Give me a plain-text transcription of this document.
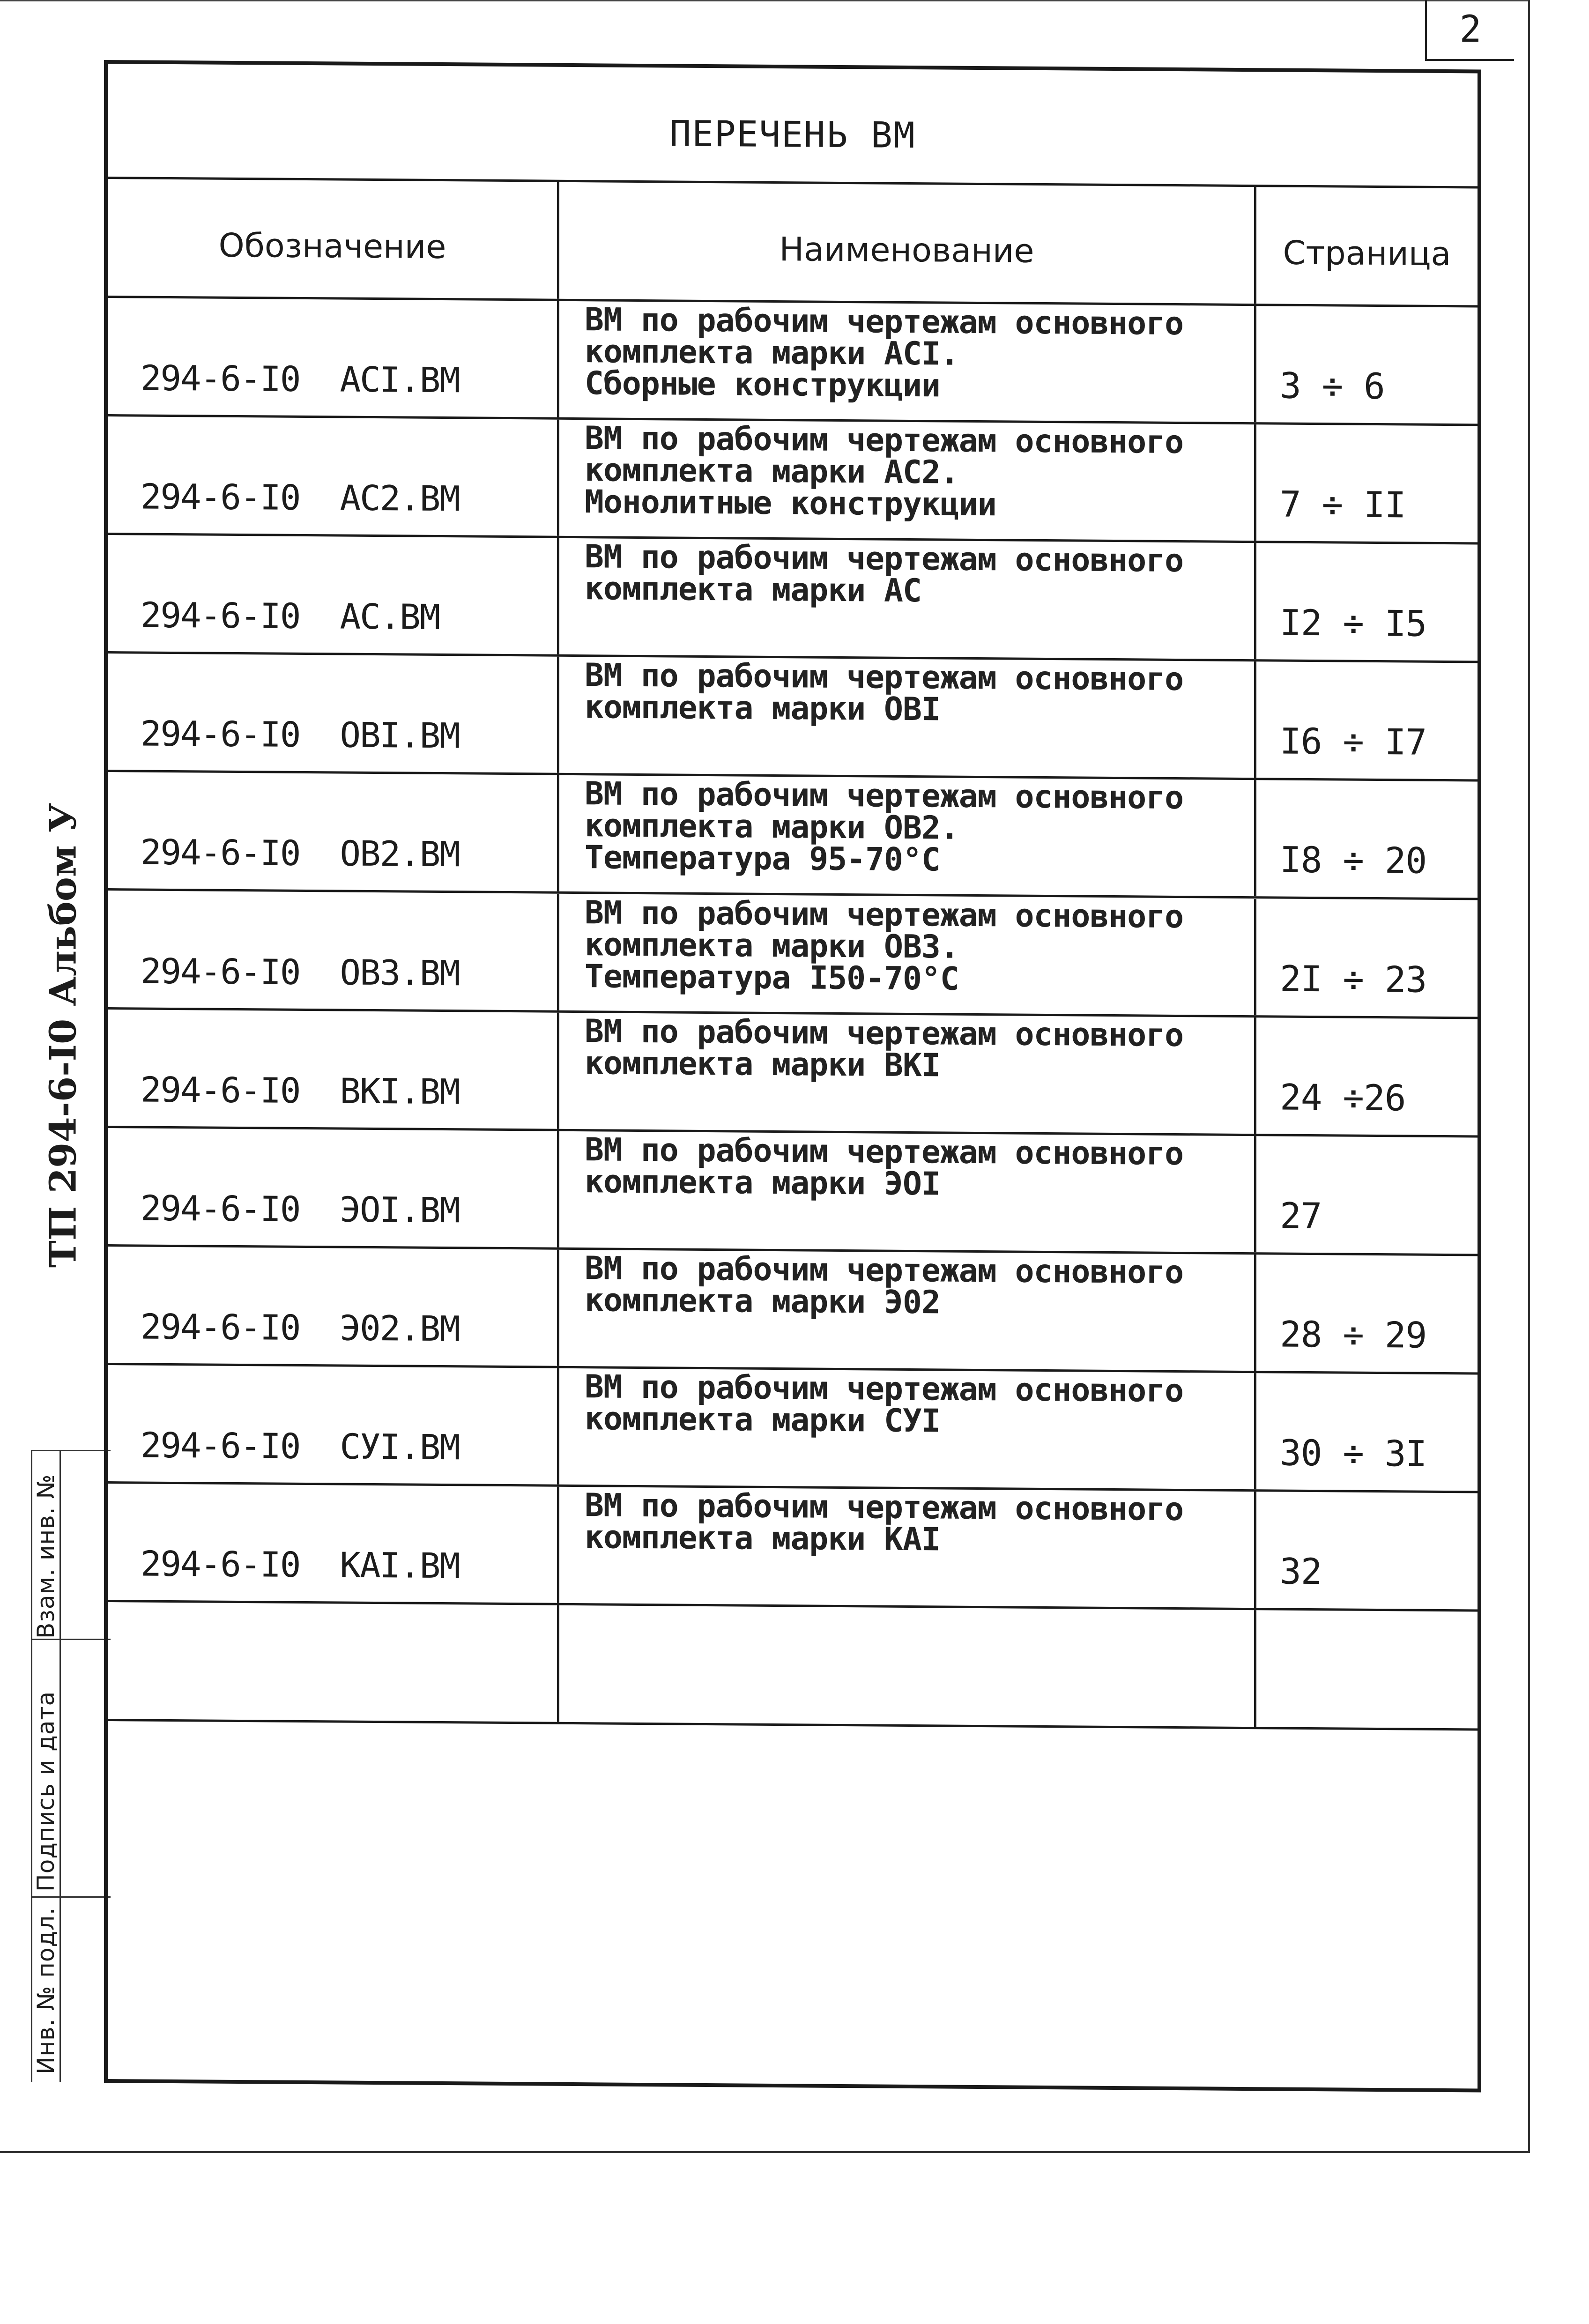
2
ТП 294-6-I0 Альбом У
Взам. инв. №
Подпись и дата
Инв. № подл.
ПЕРЕЧЕНЬ ВМ
Обозначение	Наименование	Страница
294-6-I0  ACI.BM
ВМ по рабочим чертежам основного
комплекта марки ACI.
Сборные конструкции	3 ÷ 6
294-6-I0  AC2.BM
ВМ по рабочим чертежам основного
комплекта марки AC2.
Монолитные конструкции	7 ÷ II
294-6-I0  AC.BM
ВМ по рабочим чертежам основного
комплекта марки АС
I2 ÷ I5
294-6-I0  OBI.BM
ВМ по рабочим чертежам основного
комплекта марки OBI
I6 ÷ I7
294-6-I0  OB2.BM
ВМ по рабочим чертежам основного
комплекта марки OB2.
Температура 95-70°C	I8 ÷ 20
294-6-I0  OB3.BM
ВМ по рабочим чертежам основного
комплекта марки OB3.
Температура I50-70°C	2I ÷ 23
294-6-I0  BKI.BM
ВМ по рабочим чертежам основного
комплекта марки BKI
24 ÷26
294-6-I0  ЭOI.BM
ВМ по рабочим чертежам основного
комплекта марки ЭOI
27
294-6-I0  Э02.BM
ВМ по рабочим чертежам основного
комплекта марки Э02
28 ÷ 29
294-6-I0  CУI.BM
ВМ по рабочим чертежам основного
комплекта марки CУI
30 ÷ 3I
294-6-I0  KAI.BM
ВМ по рабочим чертежам основного
комплекта марки KAI
32
